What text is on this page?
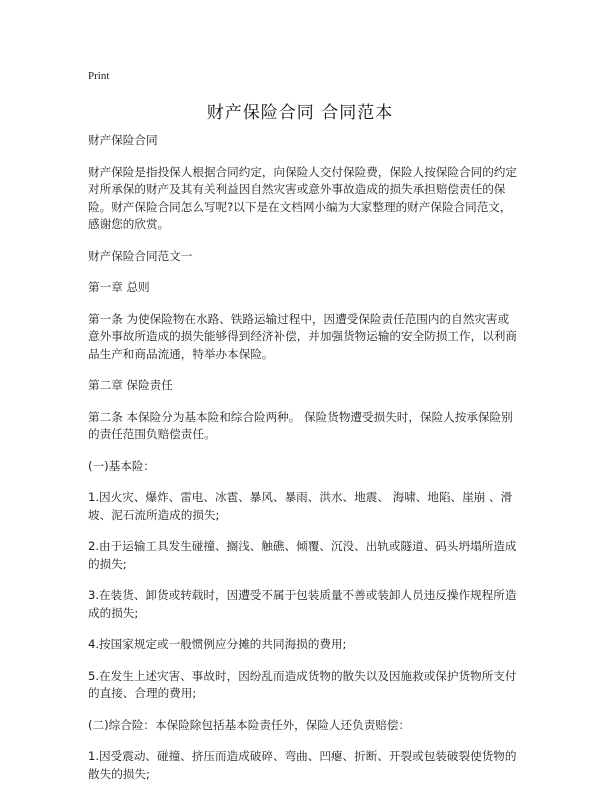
Print
财产保险合同 合同范本

财产保险合同

财产保险是指投保人根据合同约定，向保险人交付保险费，保险人按保险合同的约定对所承保的财产及其有关利益因自然灾害或意外事故造成的损失承担赔偿责任的保险。财产保险合同怎么写呢?以下是在文档网小编为大家整理的财产保险合同范文，感谢您的欣赏。

财产保险合同范文一

第一章 总则

第一条 为使保险物在水路、铁路运输过程中，因遭受保险责任范围内的自然灾害或意外事故所造成的损失能够得到经济补偿，并加强货物运输的安全防损工作，以利商品生产和商品流通，特举办本保险。

第二章 保险责任

第二条 本保险分为基本险和综合险两种。 保险货物遭受损失时，保险人按承保险别的责任范围负赔偿责任。

(一)基本险：

1.因火灾、爆炸、雷电、冰雹、暴风、暴雨、洪水、地震、 海啸、地陷、崖崩 、滑坡、泥石流所造成的损失;

2.由于运输工具发生碰撞、搁浅、触礁、倾覆、沉没、出轨或隧道、码头坍塌所造成的损失;

3.在装货、卸货或转载时，因遭受不属于包装质量不善或装卸人员违反操作规程所造成的损失;

4.按国家规定或一般惯例应分摊的共同海损的费用;

5.在发生上述灾害、事故时，因纷乱而造成货物的散失以及因施救或保护货物所支付的直接、合理的费用;

(二)综合险：本保险除包括基本险责任外，保险人还负责赔偿：

1.因受震动、碰撞、挤压而造成破碎、弯曲、凹瘪、折断、开裂或包装破裂使货物的散失的损失;
